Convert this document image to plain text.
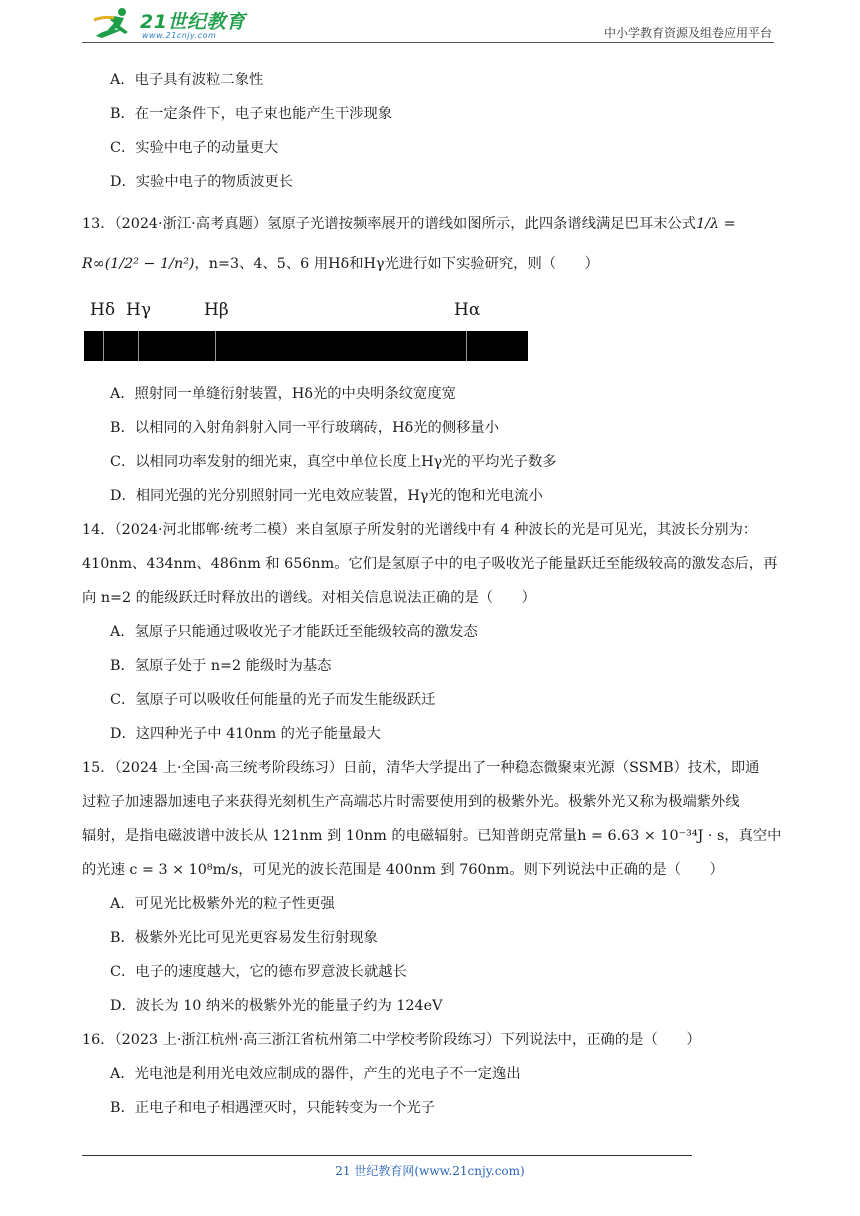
21世纪教育
www.21cnjy.com	中小学教育资源及组卷应用平台
A．电子具有波粒二象性
B．在一定条件下，电子束也能产生干涉现象
C．实验中电子的动量更大
D．实验中电子的物质波更长
13．（2024·浙江·高考真题）氢原子光谱按频率展开的谱线如图所示，此四条谱线满足巴耳末公式1/λ =
R∞(1/2² − 1/n²)，n=3、4、5、6 用Hδ和Hγ光进行如下实验研究，则（　　）
Hδ Hγ	Hβ	Hα
A．照射同一单缝衍射装置，Hδ光的中央明条纹宽度宽
B．以相同的入射角斜射入同一平行玻璃砖，Hδ光的侧移量小
C．以相同功率发射的细光束，真空中单位长度上Hγ光的平均光子数多
D．相同光强的光分别照射同一光电效应装置，Hγ光的饱和光电流小
14．（2024·河北邯郸·统考二模）来自氢原子所发射的光谱线中有 4 种波长的光是可见光，其波长分别为：
410nm、434nm、486nm 和 656nm。它们是氢原子中的电子吸收光子能量跃迁至能级较高的激发态后，再
向 n=2 的能级跃迁时释放出的谱线。对相关信息说法正确的是（　　）
A．氢原子只能通过吸收光子才能跃迁至能级较高的激发态
B．氢原子处于 n=2 能级时为基态
C．氢原子可以吸收任何能量的光子而发生能级跃迁
D．这四种光子中 410nm 的光子能量最大
15．（2024 上·全国·高三统考阶段练习）日前，清华大学提出了一种稳态微聚束光源（SSMB）技术，即通
过粒子加速器加速电子来获得光刻机生产高端芯片时需要使用到的极紫外光。极紫外光又称为极端紫外线
辐射，是指电磁波谱中波长从 121nm 到 10nm 的电磁辐射。已知普朗克常量h = 6.63 × 10⁻³⁴J · s，真空中
的光速 c = 3 × 10⁸m/s，可见光的波长范围是 400nm 到 760nm。则下列说法中正确的是（　　）
A．可见光比极紫外光的粒子性更强
B．极紫外光比可见光更容易发生衍射现象
C．电子的速度越大，它的德布罗意波长就越长
D．波长为 10 纳米的极紫外光的能量子约为 124eV
16．（2023 上·浙江杭州·高三浙江省杭州第二中学校考阶段练习）下列说法中，正确的是（　　）
A．光电池是利用光电效应制成的器件，产生的光电子不一定逸出
B．正电子和电子相遇湮灭时，只能转变为一个光子
21 世纪教育网(www.21cnjy.com)
